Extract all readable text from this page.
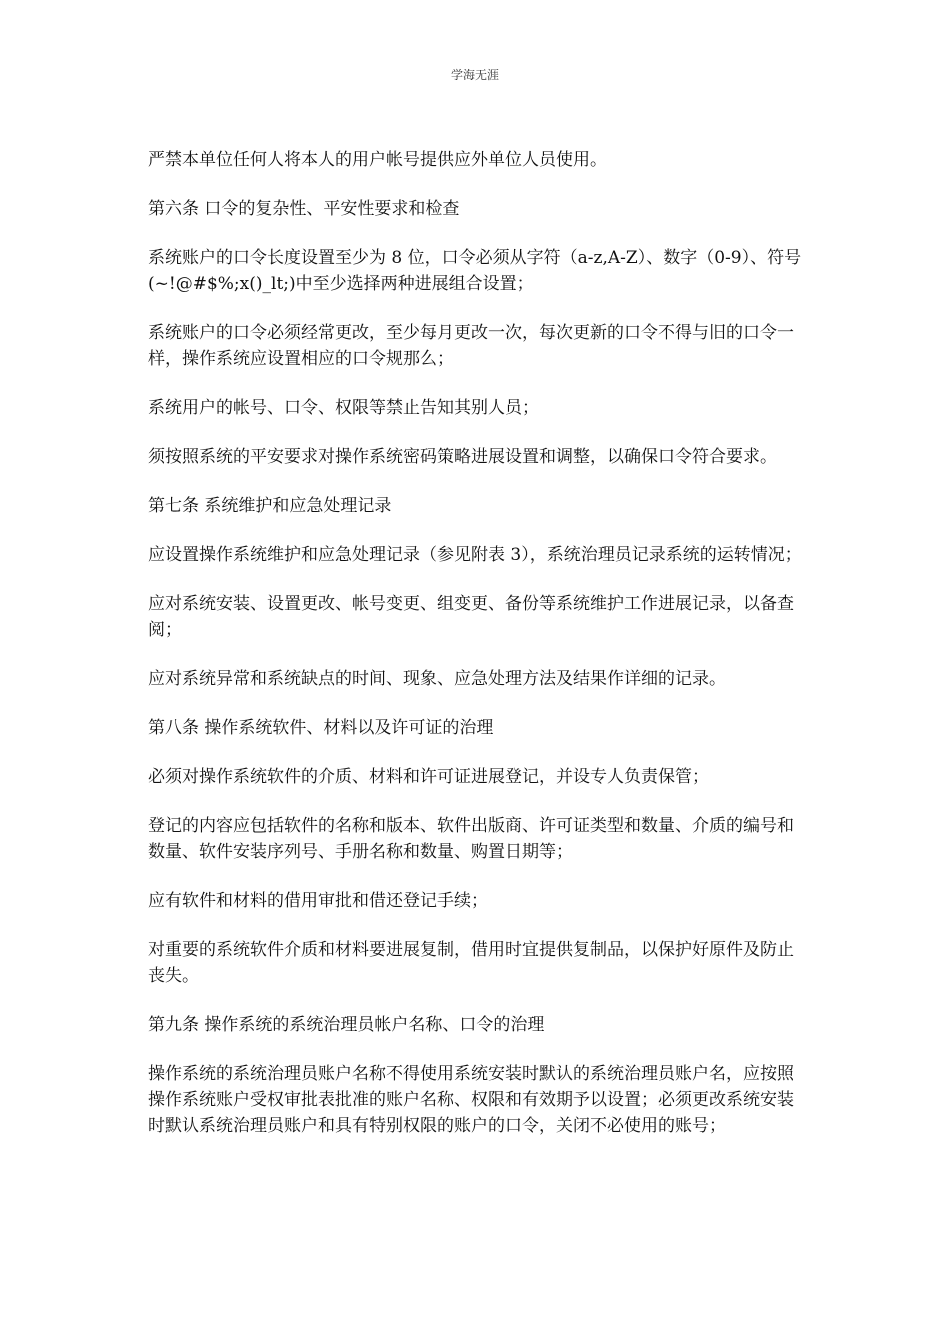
学海无涯

严禁本单位任何人将本人的用户帐号提供应外单位人员使用。

第六条 口令的复杂性、平安性要求和检查

系统账户的口令长度设置至少为 8 位，口令必须从字符（a-z,A-Z）、数字（0-9）、符号(~!@#$%;x()_lt;)中至少选择两种进展组合设置；

系统账户的口令必须经常更改，至少每月更改一次，每次更新的口令不得与旧的口令一样，操作系统应设置相应的口令规那么；

系统用户的帐号、口令、权限等禁止告知其别人员；

须按照系统的平安要求对操作系统密码策略进展设置和调整，以确保口令符合要求。

第七条 系统维护和应急处理记录

应设置操作系统维护和应急处理记录（参见附表 3），系统治理员记录系统的运转情况；

应对系统安装、设置更改、帐号变更、组变更、备份等系统维护工作进展记录，以备查阅；

应对系统异常和系统缺点的时间、现象、应急处理方法及结果作详细的记录。

第八条 操作系统软件、材料以及许可证的治理

必须对操作系统软件的介质、材料和许可证进展登记，并设专人负责保管；

登记的内容应包括软件的名称和版本、软件出版商、许可证类型和数量、介质的编号和数量、软件安装序列号、手册名称和数量、购置日期等；

应有软件和材料的借用审批和借还登记手续；

对重要的系统软件介质和材料要进展复制，借用时宜提供复制品，以保护好原件及防止丧失。

第九条 操作系统的系统治理员帐户名称、口令的治理

操作系统的系统治理员账户名称不得使用系统安装时默认的系统治理员账户名，应按照操作系统账户受权审批表批准的账户名称、权限和有效期予以设置；必须更改系统安装时默认系统治理员账户和具有特别权限的账户的口令，关闭不必使用的账号；
